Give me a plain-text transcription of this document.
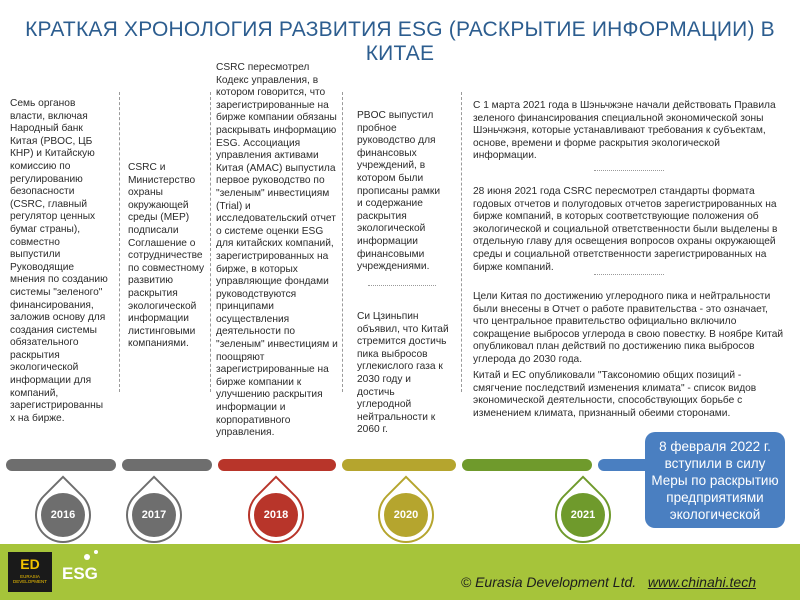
КРАТКАЯ ХРОНОЛОГИЯ РАЗВИТИЯ ESG (РАСКРЫТИЕ ИНФОРМАЦИИ) В КИТАЕ
Семь органов власти, включая Народный банк Китая (PBOC, ЦБ КНР) и Китайскую комиссию по регулированию безопасности (CSRC, главный регулятор ценных бумаг страны), совместно выпустили Руководящие мнения по созданию системы "зеленого" финансирования, заложив основу для создания системы обязательного раскрытия экологической информации для компаний, зарегистрированны х на бирже.
CSRC и Министерство охраны окружающей среды (MEP) подписали Соглашение о сотрудничестве по совместному развитию раскрытия экологической информации листинговыми компаниями.
CSRC пересмотрел Кодекс управления, в котором говорится, что зарегистрированные на бирже компании обязаны раскрывать информацию ESG. Ассоциация управления активами Китая (AMAC) выпустила первое руководство по "зеленым" инвестициям (Trial) и исследовательский отчет о системе оценки ESG для китайских компаний, зарегистрированных на бирже, в которых управляющие фондами руководствуются принципами осуществления деятельности по "зеленым" инвестициям и поощряют зарегистрированные на бирже компании к улучшению раскрытия информации и корпоративного управления.
PBOC выпустил пробное руководство для финансовых учреждений, в котором были прописаны рамки и содержание раскрытия экологической информации финансовыми учреждениями.
Си Цзиньпин объявил, что Китай стремится достичь пика выбросов углекислого газа к 2030 году и достичь углеродной нейтральности к 2060 г.
С 1 марта 2021 года в Шэньчжэне начали действовать Правила зеленого финансирования специальной экономической зоны Шэньчжэня, которые устанавливают требования к субъектам, основе, времени и форме раскрытия экологической информации.
28 июня 2021 года CSRC пересмотрел стандарты формата годовых отчетов и полугодовых отчетов зарегистрированных на бирже компаний, в которых соответствующие положения об экологической и социальной ответственности были выделены в отдельную главу для освещения вопросов охраны окружающей среды и социальной ответственности зарегистрированных на бирже компаний.
Цели Китая по достижению углеродного пика и нейтральности были внесены в Отчет о работе правительства - это означает, что центральное правительство официально включило сокращение выбросов углерода в свою повестку. В ноябре Китай опубликовал план действий по достижению пика выбросов углерода до 2030 года.
Китай и ЕС опубликовали "Таксономию общих позиций - смягчение последствий изменения климата" - список видов экономической деятельности, способствующих борьбе с изменением климата, признанный обеими сторонами.
2016	2017	2018	2020	2021
8 февраля 2022 г.
вступили в силу
Меры по раскрытию
предприятиями
экологической
ED
EURASIA DEVELOPMENT ESG	© Eurasia Development Ltd. www.chinahi.tech
